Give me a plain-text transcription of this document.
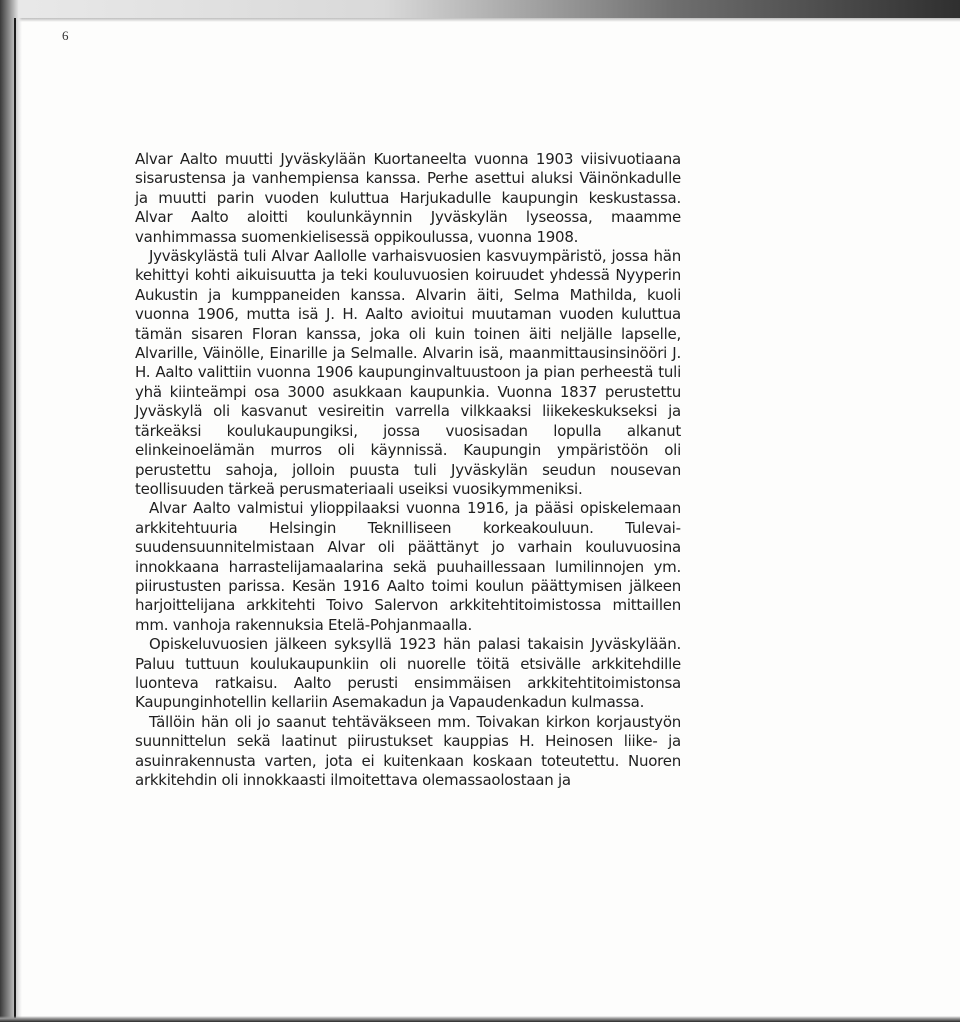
6

Alvar Aalto muutti Jyväskylään Kuortaneelta vuonna 1903 viisivuotiaana sisarustensa ja vanhempiensa kanssa. Perhe asettui aluksi Väinönkadulle ja muutti parin vuoden kuluttua Harjukadulle kaupungin keskustassa. Alvar Aalto aloitti koulunkäynnin Jyväskylän lyseossa, maamme vanhimmassa suomenkielisessä oppikoulussa, vuonna 1908.

Jyväskylästä tuli Alvar Aallolle varhaisvuosien kasvuympäristö, jossa hän kehittyi kohti aikuisuutta ja teki kouluvuosien koiruudet yhdessä Nyyperin Aukustin ja kumppaneiden kanssa. Alvarin äiti, Selma Mathilda, kuoli vuonna 1906, mutta isä J. H. Aalto avioitui muutaman vuoden kuluttua tämän sisaren Floran kanssa, joka oli kuin toinen äiti neljälle lapselle, Alvarille, Väinölle, Einarille ja Selmalle. Alvarin isä, maanmittausinsinööri J. H. Aalto valittiin vuonna 1906 kaupunginvaltuustoon ja pian perheestä tuli yhä kiinteämpi osa 3000 asukkaan kaupunkia. Vuonna 1837 perustettu Jyväskylä oli kasvanut vesireitin varrella vilkkaaksi liikekeskukseksi ja tärkeäksi koulukaupungiksi, jossa vuosisadan lopulla alkanut elinkeinoelämän murros oli käynnissä. Kaupungin ympäristöön oli perustettu sahoja, jolloin puusta tuli Jyväskylän seudun nousevan teollisuuden tärkeä perusmateriaali useiksi vuosikymmeniksi.

Alvar Aalto valmistui ylioppilaaksi vuonna 1916, ja pääsi opiskelemaan arkkitehtuuria Helsingin Teknilliseen korkeakouluun. Tulevaisuudensuunnitelmistaan Alvar oli päättänyt jo varhain kouluvuosina innokkaana harrastelijamaalarina sekä puuhaillessaan lumilinnojen ym. piirustusten parissa. Kesän 1916 Aalto toimi koulun päättymisen jälkeen harjoittelijana arkkitehti Toivo Salervon arkkitehtitoimistossa mittaillen mm. vanhoja rakennuksia Etelä-Pohjanmaalla.

Opiskeluvuosien jälkeen syksyllä 1923 hän palasi takaisin Jyväskylään. Paluu tuttuun koulukaupunkiin oli nuorelle töitä etsivälle arkkitehdille luonteva ratkaisu. Aalto perusti ensimmäisen arkkitehtitoimistonsa Kaupunginhotellin kellariin Asemakadun ja Vapaudenkadun kulmassa.

Tällöin hän oli jo saanut tehtäväkseen mm. Toivakan kirkon korjaustyön suunnittelun sekä laatinut piirustukset kauppias H. Heinosen liike- ja asuinrakennusta varten, jota ei kuitenkaan koskaan toteutettu. Nuoren arkkitehdin oli innokkaasti ilmoitettava olemassaolostaan ja
